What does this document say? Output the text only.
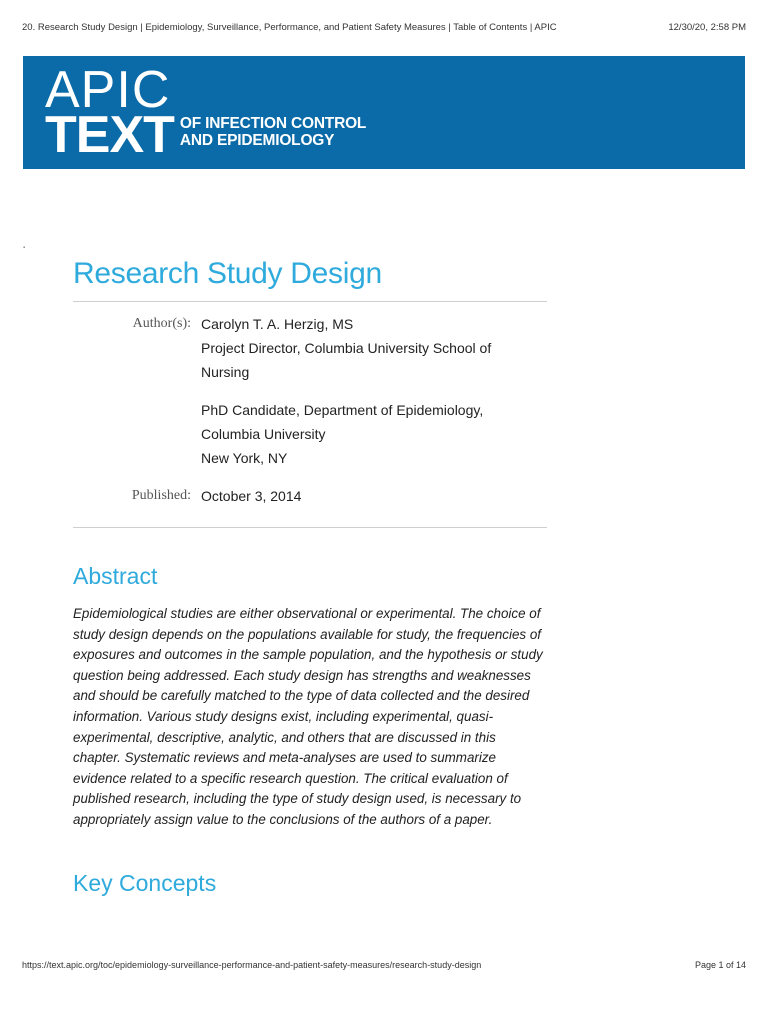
20. Research Study Design | Epidemiology, Surveillance, Performance, and Patient Safety Measures | Table of Contents | APIC	12/30/20, 2:58 PM
APIC
TEXT OF INFECTION CONTROL
AND EPIDEMIOLOGY
▪
Research Study Design
Author(s): Carolyn T. A. Herzig, MS
Project Director, Columbia University School of
Nursing
PhD Candidate, Department of Epidemiology,
Columbia University
New York, NY
Published: October 3, 2014
Abstract

Epidemiological studies are either observational or experimental. The choice of study design depends on the populations available for study, the frequencies of exposures and outcomes in the sample population, and the hypothesis or study question being addressed. Each study design has strengths and weaknesses and should be carefully matched to the type of data collected and the desired information. Various study designs exist, including experimental, quasi-experimental, descriptive, analytic, and others that are discussed in this chapter. Systematic reviews and meta-analyses are used to summarize evidence related to a specific research question. The critical evaluation of published research, including the type of study design used, is necessary to appropriately assign value to the conclusions of the authors of a paper.

Key Concepts
https://text.apic.org/toc/epidemiology-surveillance-performance-and-patient-safety-measures/research-study-design	Page 1 of 14
